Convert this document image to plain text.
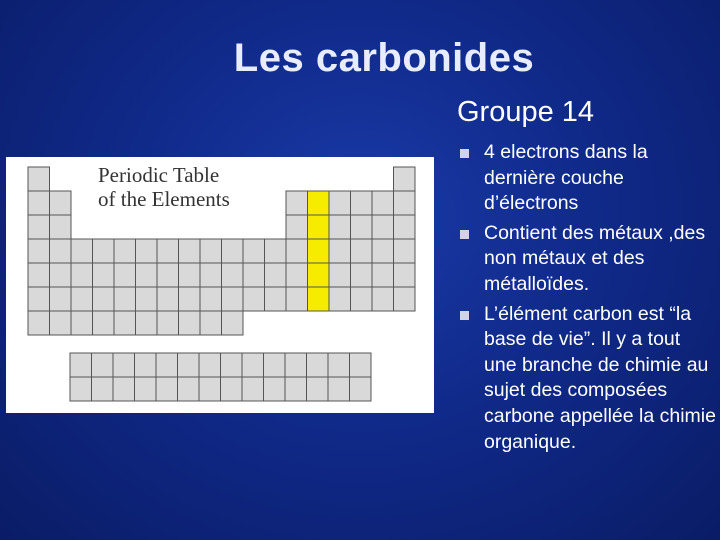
Les carbonides
Groupe 14
4 electrons dans la dernière couche d’électrons
Contient des métaux ,des non métaux et des métalloïdes.
L’élément carbon est “la base de vie”. Il y a tout une branche de chimie au sujet des composées carbone appellée la chimie organique.
Periodic Table
of the Elements
